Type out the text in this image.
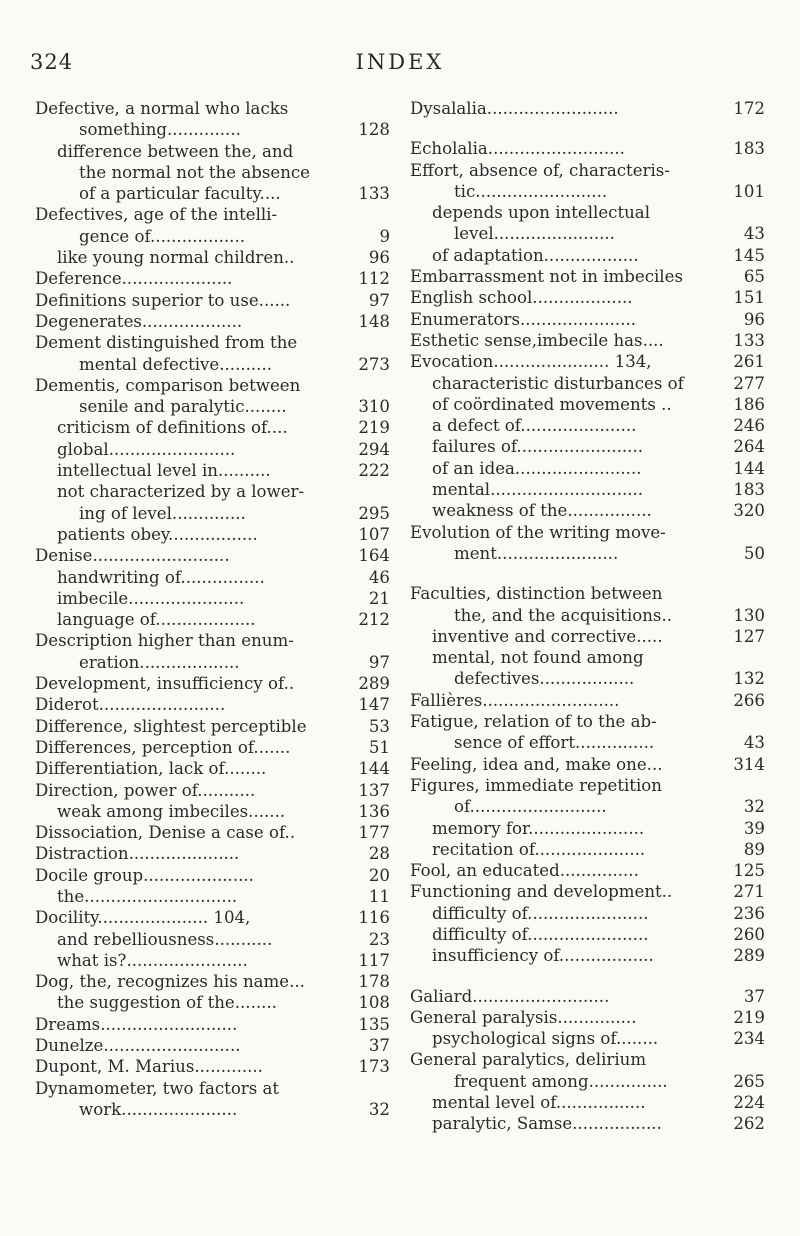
324	INDEX
Defective, a normal who lacks
something..............	128
difference between the, and
the normal not the absence
of a particular faculty....	133
Defectives, age of the intelli-
gence of..................	9
like young normal children..	96
Deference.....................	112
Definitions superior to use......	97
Degenerates...................	148
Dement distinguished from the
mental defective..........	273
Dementis, comparison between
senile and paralytic........	310
criticism of definitions of....	219
global........................	294
intellectual level in..........	222
not characterized by a lower-
ing of level..............	295
patients obey.................	107
Denise..........................	164
handwriting of................	46
imbecile......................	21
language of...................	212
Description higher than enum-
eration...................	97
Development, insufficiency of..	289
Diderot........................	147
Difference, slightest perceptible	53
Differences, perception of.......	51
Differentiation, lack of........	144
Direction, power of...........	137
weak among imbeciles.......	136
Dissociation, Denise a case of..	177
Distraction.....................	28
Docile group.....................	20
the.............................	11
Docility..................... 104,	116
and rebelliousness...........	23
what is?.......................	117
Dog, the, recognizes his name...	178
the suggestion of the........	108
Dreams..........................	135
Dunelze..........................	37
Dupont, M. Marius.............	173
Dynamometer, two factors at
work......................	32
Dysalalia.........................	172
Echolalia..........................	183
Effort, absence of, characteris-
tic.........................	101
depends upon intellectual
level.......................	43
of adaptation..................	145
Embarrassment not in imbeciles	65
English school...................	151
Enumerators......................	96
Esthetic sense,imbecile has....	133
Evocation...................... 134,	261
characteristic disturbances of	277
of coördinated movements ..	186
a defect of......................	246
failures of........................	264
of an idea........................	144
mental.............................	183
weakness of the................	320
Evolution of the writing move-
ment.......................	50
Faculties, distinction between
the, and the acquisitions..	130
inventive and corrective.....	127
mental, not found among
defectives..................	132
Fallières..........................	266
Fatigue, relation of to the ab-
sence of effort...............	43
Feeling, idea and, make one...	314
Figures, immediate repetition
of..........................	32
memory for......................	39
recitation of.....................	89
Fool, an educated...............	125
Functioning and development..	271
difficulty of.......................	236
difficulty of.......................	260
insufficiency of..................	289
Galiard..........................	37
General paralysis...............	219
psychological signs of........	234
General paralytics, delirium
frequent among...............	265
mental level of.................	224
paralytic, Samse.................	262
